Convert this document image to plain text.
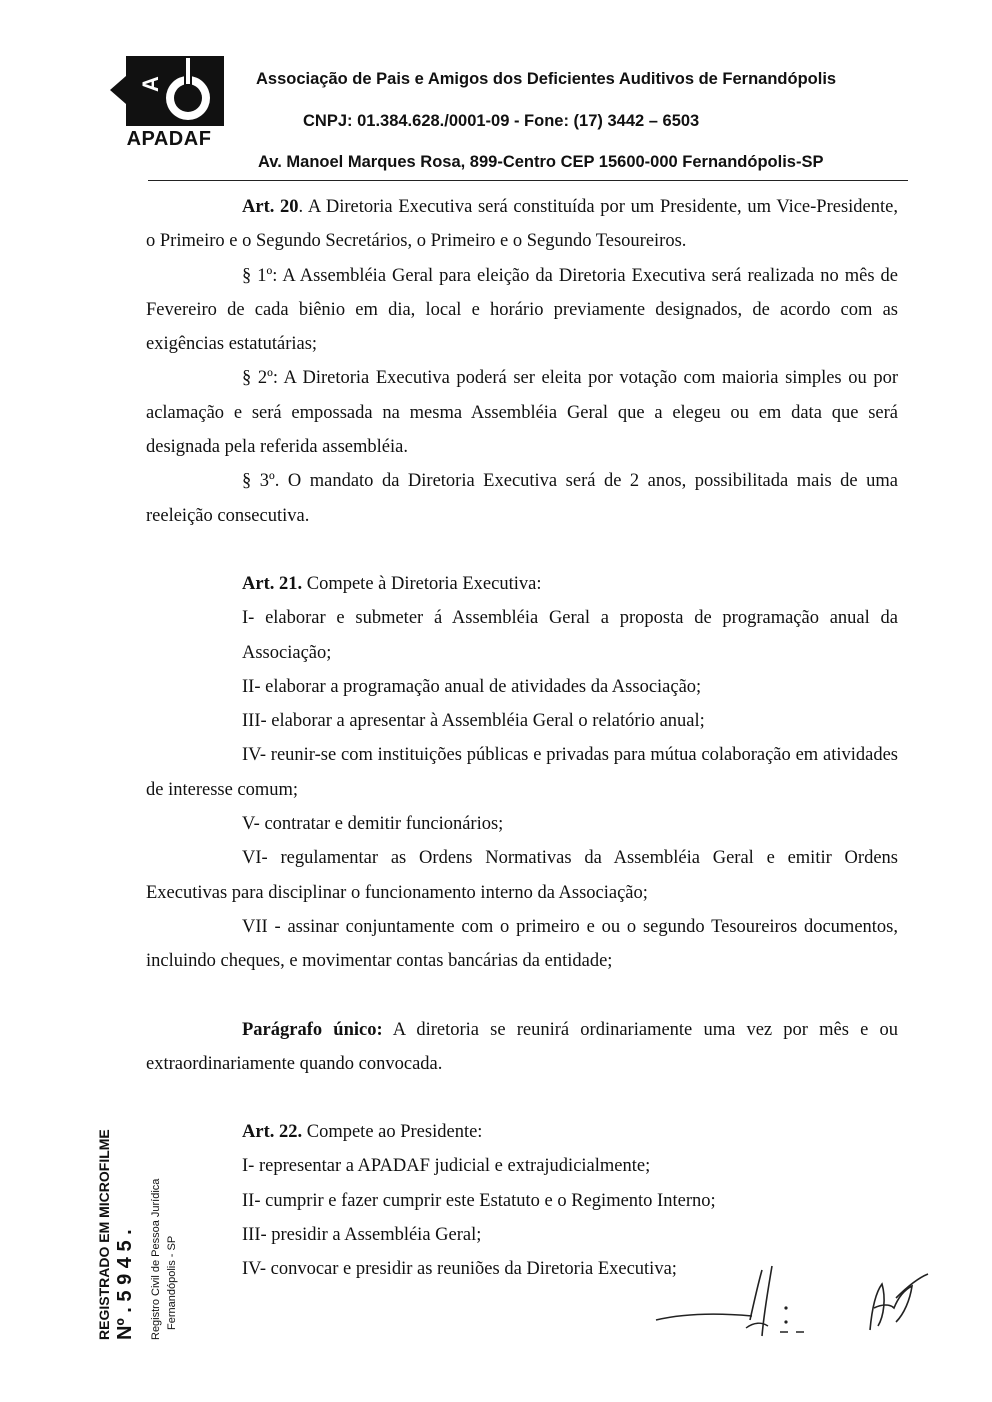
A
APADAF
Associação de Pais e Amigos dos Deficientes Auditivos de Fernandópolis
CNPJ: 01.384.628./0001-09 - Fone: (17) 3442 – 6503
Av. Manoel Marques Rosa, 899-Centro CEP 15600-000 Fernandópolis-SP

Art. 20. A Diretoria Executiva será constituída por um Presidente, um Vice-Presidente, o Primeiro e o Segundo Secretários, o Primeiro e o Segundo Tesoureiros.

§ 1º: A Assembléia Geral para eleição da Diretoria Executiva será realizada no mês de Fevereiro de cada biênio em dia, local e horário previamente designados, de acordo com as exigências estatutárias;

§ 2º: A Diretoria Executiva poderá ser eleita por votação com maioria simples ou por aclamação e será empossada na mesma Assembléia Geral que a elegeu ou em data que será designada pela referida assembléia.

§ 3º. O mandato da Diretoria Executiva será de 2 anos, possibilitada mais de uma reeleição consecutiva.

Art. 21. Compete à Diretoria Executiva:

I- elaborar e submeter á Assembléia Geral a proposta de programação anual da Associação;

II- elaborar a programação anual de atividades da Associação;

III- elaborar a apresentar à Assembléia Geral o relatório anual;

IV- reunir-se com instituições públicas e privadas para mútua colaboração em atividades de interesse comum;

V- contratar e demitir funcionários;

VI- regulamentar as Ordens Normativas da Assembléia Geral e emitir Ordens Executivas para disciplinar o funcionamento interno da Associação;

VII - assinar conjuntamente com o primeiro e ou o segundo Tesoureiros documentos, incluindo cheques, e movimentar contas bancárias da entidade;

Parágrafo único: A diretoria se reunirá ordinariamente uma vez por mês e ou extraordinariamente quando convocada.

Art. 22. Compete ao Presidente:

I- representar a APADAF judicial e extrajudicialmente;

II- cumprir e fazer cumprir este Estatuto e o Regimento Interno;

III- presidir a Assembléia Geral;

IV- convocar e presidir as reuniões da Diretoria Executiva;

REGISTRADO EM MICROFILME Nº . 5 9 4 5 . Registro Civil de Pessoa Jurídica Fernandópolis - SP
